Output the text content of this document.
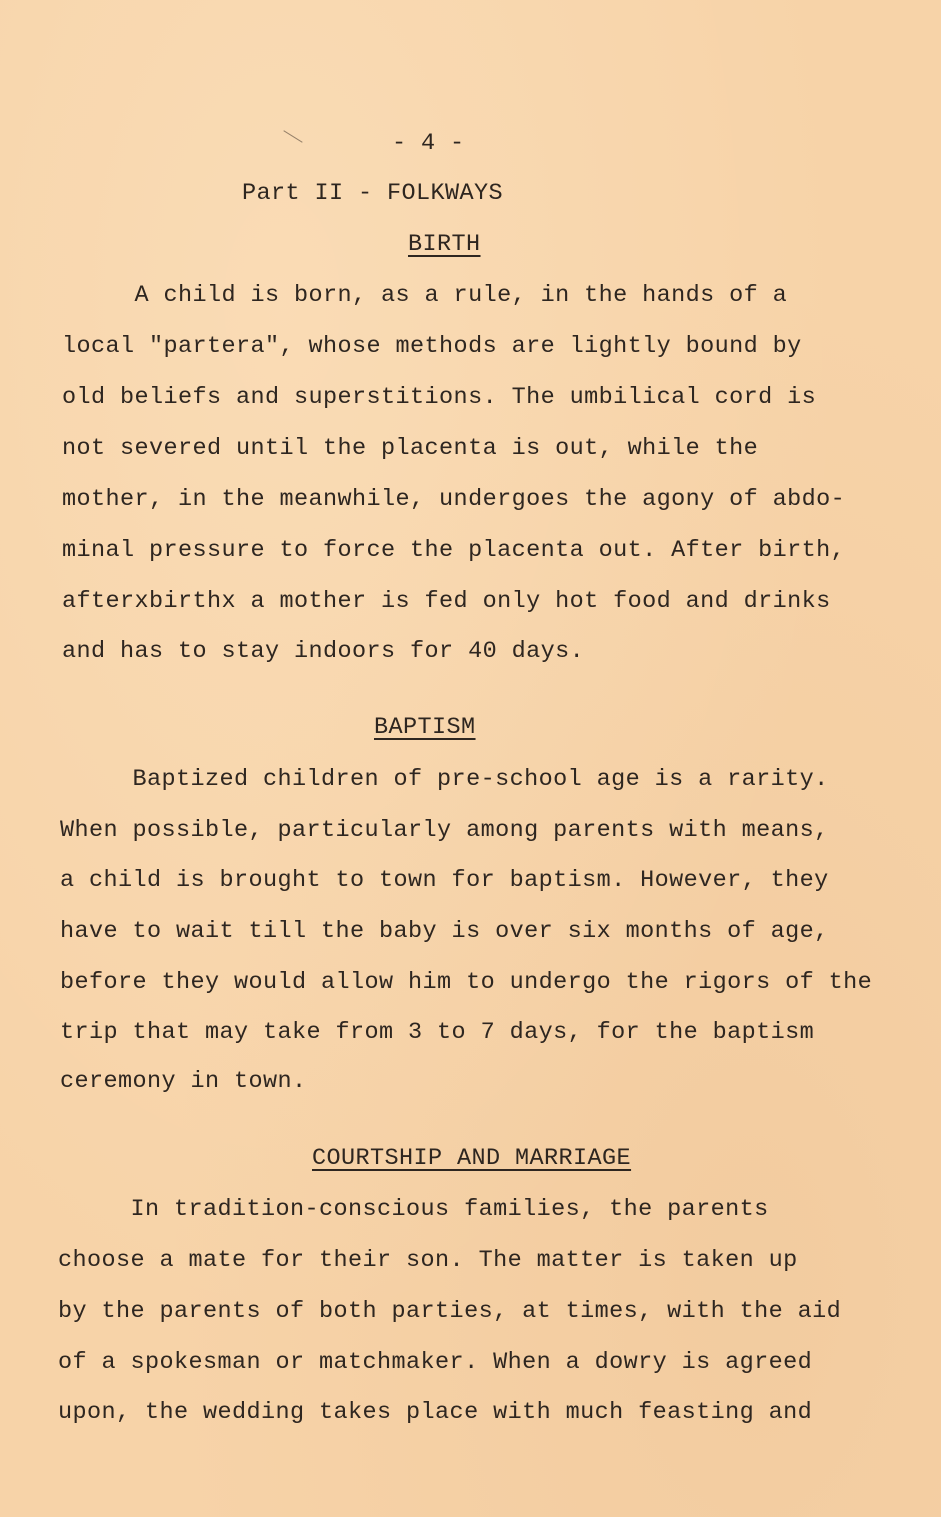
- 4 -
Part II - FOLKWAYS
BIRTH
A child is born, as a rule, in the hands of a
local "partera", whose methods are lightly bound by
old beliefs and superstitions. The umbilical cord is
not severed until the placenta is out, while the
mother, in the meanwhile, undergoes the agony of abdo-
minal pressure to force the placenta out. After birth,
afterxbirthx a mother is fed only hot food and drinks
and has to stay indoors for 40 days.
BAPTISM
Baptized children of pre-school age is a rarity.
When possible, particularly among parents with means,
a child is brought to town for baptism. However, they
have to wait till the baby is over six months of age,
before they would allow him to undergo the rigors of the
trip that may take from 3 to 7 days, for the baptism
ceremony in town.
COURTSHIP AND MARRIAGE
In tradition-conscious families, the parents
choose a mate for their son. The matter is taken up
by the parents of both parties, at times, with the aid
of a spokesman or matchmaker. When a dowry is agreed
upon, the wedding takes place with much feasting and
